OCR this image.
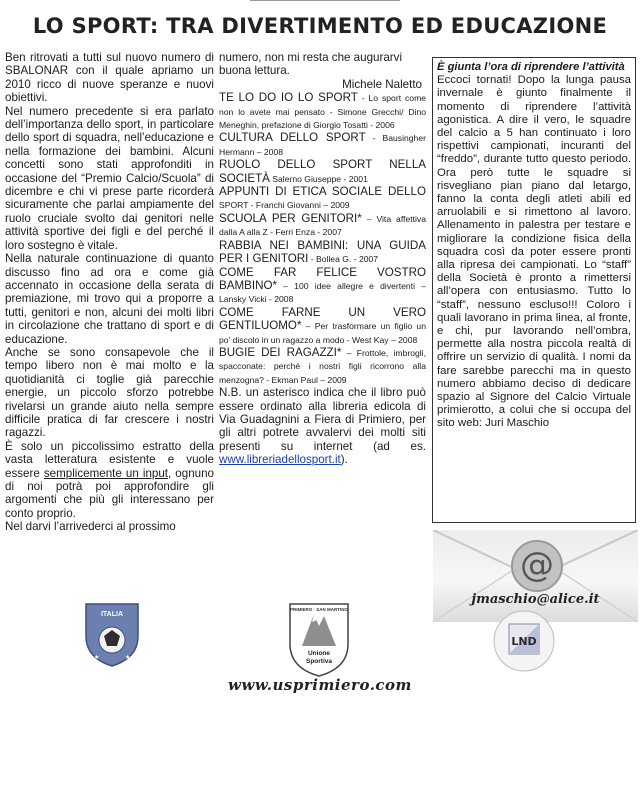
LO SPORT: TRA DIVERTIMENTO ED EDUCAZIONE

Ben ritrovati a tutti sul nuovo numero di SBALONAR con il quale apriamo un 2010 ricco di nuove speranze e nuovi obiettivi.

Nel numero precedente si era parlato dell’importanza dello sport, in particolare dello sport di squadra, nell’educazione e nella formazione dei bambini. Alcuni concetti sono stati approfonditi in occasione del “Premio Calcio/Scuola” di dicembre e chi vi prese parte ricorderà sicuramente che parlai ampiamente del ruolo cruciale svolto dai genitori nelle attività sportive dei figli e del perché il loro sostegno è vitale.

Nella naturale continuazione di quanto discusso fino ad ora e come già accennato in occasione della serata di premiazione, mi trovo qui a proporre a tutti, genitori e non, alcuni dei molti libri in circolazione che trattano di sport e di educazione.

Anche se sono consapevole che il tempo libero non è mai molto e la quotidianità ci toglie già parecchie energie, un piccolo sforzo potrebbe rivelarsi un grande aiuto nella sempre difficile pratica di far crescere i nostri ragazzi.

È solo un piccolissimo estratto della vasta letteratura esistente e vuole essere semplicemente un input, ognuno di noi potrà poi approfondire gli argomenti che più gli interessano per conto proprio.

Nel darvi l’arrivederci al prossimo

numero, non mi resta che augurarvi buona lettura.

Michele Naletto

TE LO DO IO LO SPORT - Lo sport come non lo avete mai pensato - Simone Grecchi/ Dino Meneghin, prefazione di Giorgio Tosatti - 2006

CULTURA DELLO SPORT - Bausingher Hermann – 2008

RUOLO DELLO SPORT NELLA SOCIETÀ Salerno Giuseppe - 2001

APPUNTI DI ETICA SOCIALE DELLO SPORT - Franchi Giovanni – 2009

SCUOLA PER GENITORI* – Vita affettiva dalla A alla Z - Ferri Enza - 2007

RABBIA NEI BAMBINI: UNA GUIDA PER I GENITORI - Bollea G. - 2007

COME FAR FELICE VOSTRO BAMBINO* – 100 idee allegre e divertenti – Lansky Vicki - 2008

COME FARNE UN VERO GENTILUOMO* – Per trasformare un figlio un po’ discolo in un ragazzo a modo - West Kay – 2008

BUGIE DEI RAGAZZI* – Frottole, imbrogli, spacconate: perché i nostri figli ricorrono alla menzogna? - Ekman Paul – 2009

N.B. un asterisco indica che il libro può essere ordinato alla libreria edicola di Via Guadagnini a Fiera di Primiero, per gli altri potrete avvalervi dei molti siti presenti su internet (ad es. www.libreriadellosport.it).

È giunta l’ora di riprendere l’attività

Eccoci tornati! Dopo la lunga pausa invernale è giunto finalmente il momento di riprendere l’attività agonistica. A dire il vero, le squadre del calcio a 5 han continuato i loro rispettivi campionati, incuranti del “freddo”, durante tutto questo periodo. Ora però tutte le squadre si risvegliano pian piano dal letargo, fanno la conta degli atleti abili ed arruolabili e si rimettono al lavoro. Allenamento in palestra per testare e migliorare la condizione fisica della squadra così da poter essere pronti alla ripresa dei campionati. Lo “staff” della Società è pronto a rimettersi all’opera con entusiasmo. Tutto lo “staff”, nessuno escluso!!! Coloro i quali lavorano in prima linea, al fronte, e chi, pur lavorando nell’ombra, permette alla nostra piccola realtà di offrire un servizio di qualità. I nomi da fare sarebbe parecchi ma in questo numero abbiamo deciso di dedicare spazio al Signore del Calcio Virtuale primierotto, a colui che si occupa del sito web: Juri Maschio

@
jmaschio@alice.it
ITALIA
★	★
PRIMIERO · SAN MARTINO
Unione
Sportiva
LND
www.usprimiero.com
